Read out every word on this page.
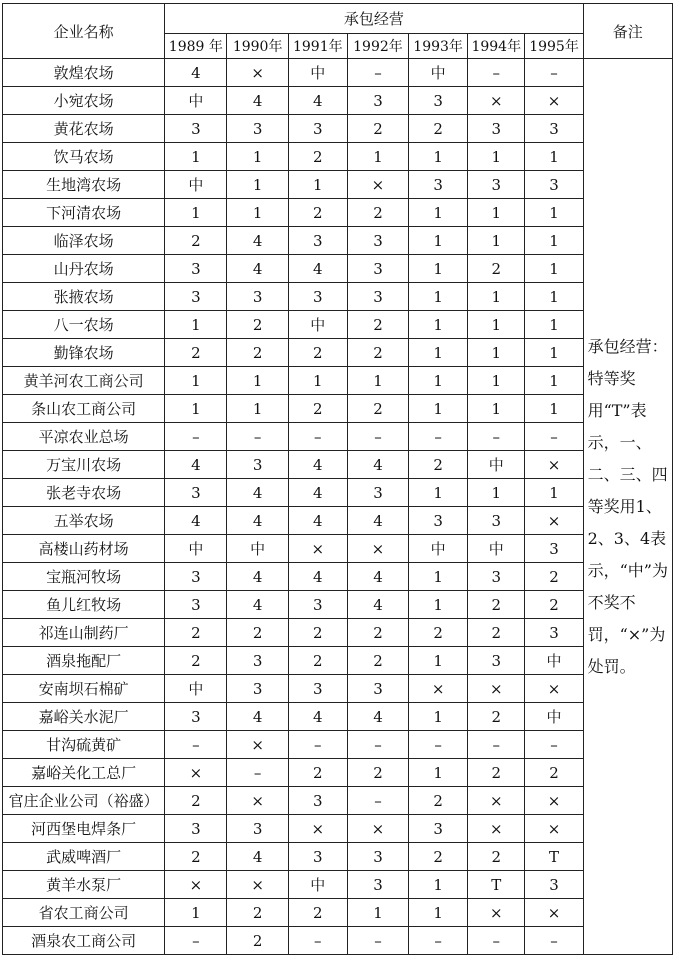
企业名称	承包经营							备注
	1989 年	1990年	1991年	1992年	1993年	1994年	1995年	
敦煌农场	4	×	中	–	中	–	–	承包经营：特等奖用“T”表示，一、二、三、四等奖用1、2、3、4表示，“中”为不奖不罚，“×”为处罚。
小宛农场	中	4	4	3	3	×	×	
黄花农场	3	3	3	2	2	3	3	
饮马农场	1	1	2	1	1	1	1	
生地湾农场	中	1	1	×	3	3	3	
下河清农场	1	1	2	2	1	1	1	
临泽农场	2	4	3	3	1	1	1	
山丹农场	3	4	4	3	1	2	1	
张掖农场	3	3	3	3	1	1	1	
八一农场	1	2	中	2	1	1	1	
勤锋农场	2	2	2	2	1	1	1	
黄羊河农工商公司	1	1	1	1	1	1	1	
条山农工商公司	1	1	2	2	1	1	1	
平凉农业总场	–	–	–	–	–	–	–	
万宝川农场	4	3	4	4	2	中	×	
张老寺农场	3	4	4	3	1	1	1	
五举农场	4	4	4	4	3	3	×	
高楼山药材场	中	中	×	×	中	中	3	
宝瓶河牧场	3	4	4	4	1	3	2	
鱼儿红牧场	3	4	3	4	1	2	2	
祁连山制药厂	2	2	2	2	2	2	3	
酒泉拖配厂	2	3	2	2	1	3	中	
安南坝石棉矿	中	3	3	3	×	×	×	
嘉峪关水泥厂	3	4	4	4	1	2	中	
甘沟硫黄矿	–	×	–	–	–	–	–	
嘉峪关化工总厂	×	–	2	2	1	2	2	
官庄企业公司（裕盛）	2	×	3	–	2	×	×	
河西堡电焊条厂	3	3	×	×	3	×	×	
武威啤酒厂	2	4	3	3	2	2	T	
黄羊水泵厂	×	×	中	3	1	T	3	
省农工商公司	1	2	2	1	1	×	×	
酒泉农工商公司	–	2	–	–	–	–	–	
